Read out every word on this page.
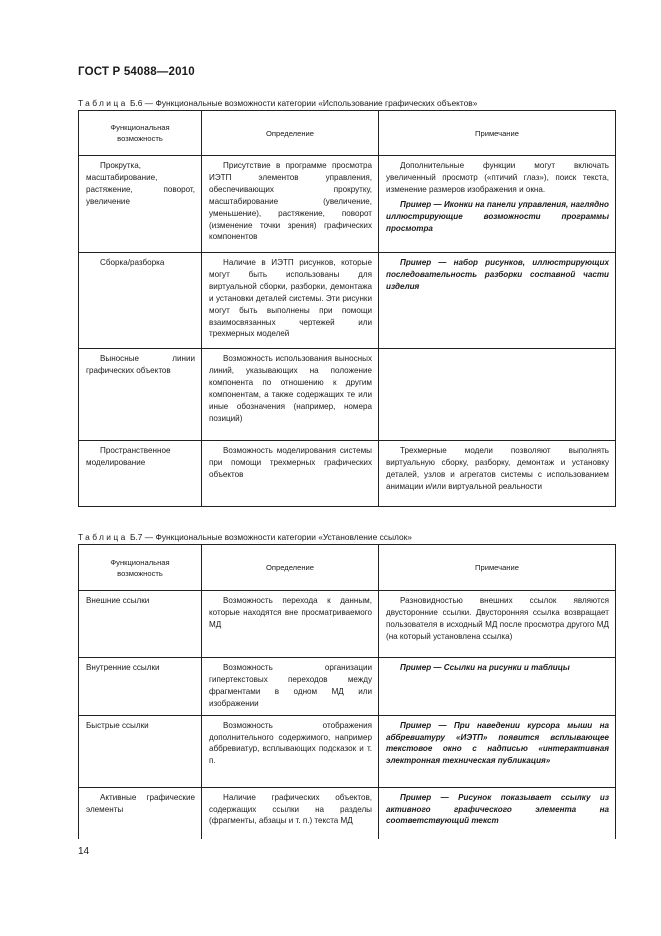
ГОСТ Р 54088—2010
Таблица Б.6 — Функциональные возможности категории «Использование графических объектов»
Функциональная возможность	Определение	Примечание

Прокрутка, масштабирование, растяжение, поворот, увеличение	Присутствие в программе просмотра ИЭТП элементов управления, обеспечивающих прокрутку, масштабирование (увеличение, уменьшение), растяжение, поворот (изменение точки зрения) графических компонентов	Дополнительные функции могут включать увеличенный просмотр («птичий глаз»), поиск текста, изменение размеров изображения и окна.

Пример — Иконки на панели управления, наглядно иллюстрирующие возможности программы просмотра

Сборка/разборка	Наличие в ИЭТП рисунков, которые могут быть использованы для виртуальной сборки, разборки, демонтажа и установки деталей системы. Эти рисунки могут быть выполнены при помощи взаимосвязанных чертежей или трехмерных моделей	Пример — набор рисунков, иллюстрирующих последовательность разборки составной части изделия

Выносные линии графических объектов	Возможность использования выносных линий, указывающих на положение компонента по отношению к другим компонентам, а также содержащих те или иные обозначения (например, номера позиций)	

Пространственное моделирование	Возможность моделирования системы при помощи трехмерных графических объектов	Трехмерные модели позволяют выполнять виртуальную сборку, разборку, демонтаж и установку деталей, узлов и агрегатов системы с использованием анимации и/или виртуальной реальности
Таблица Б.7 — Функциональные возможности категории «Установление ссылок»
Функциональная возможность	Определение	Примечание

Внешние ссылки	Возможность перехода к данным, которые находятся вне просматриваемого МД	Разновидностью внешних ссылок являются двусторонние ссылки. Двусторонняя ссылка возвращает пользователя в исходный МД после просмотра другого МД (на который установлена ссылка)

Внутренние ссылки	Возможность организации гипертекстовых переходов между фрагментами в одном МД или изображении	Пример — Ссылки на рисунки и таблицы

Быстрые ссылки	Возможность отображения дополнительного содержимого, например аббревиатур, всплывающих подсказок и т. п.	Пример — При наведении курсора мыши на аббревиатуру «ИЭТП» появится всплывающее текстовое окно с надписью «интерактивная электронная техническая публикация»

Активные графические элементы	Наличие графических объектов, содержащих ссылки на разделы (фрагменты, абзацы и т. п.) текста МД	Пример — Рисунок показывает ссылку из активного графического элемента на соответствующий текст
14
